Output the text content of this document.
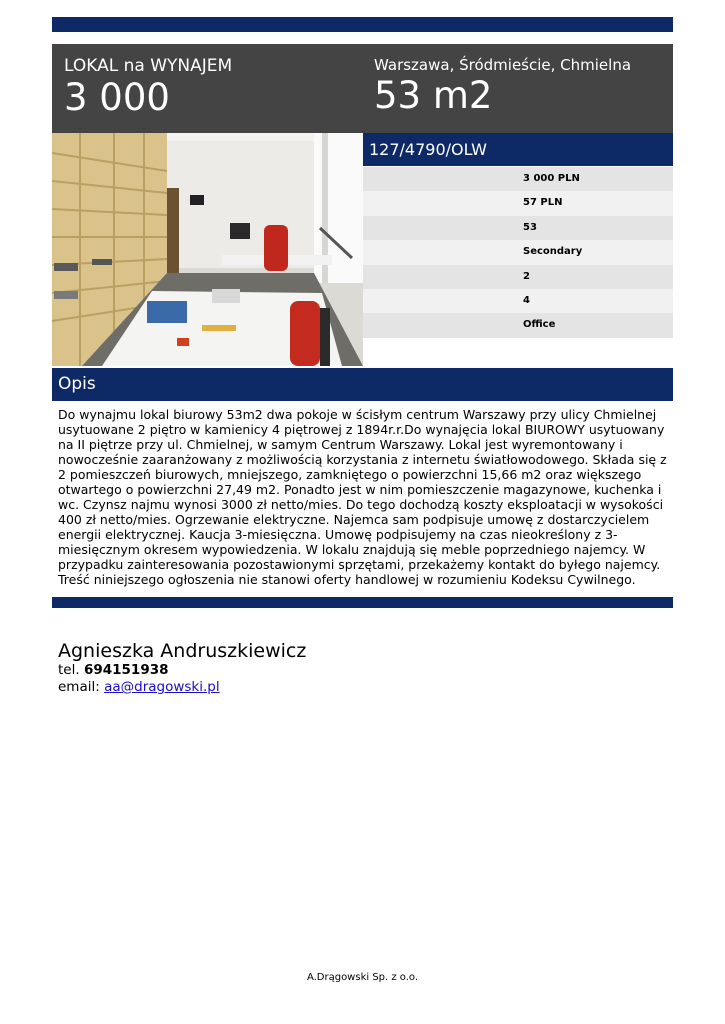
LOKAL na WYNAJEM
3 000
Warszawa, Śródmieście, Chmielna
53 m2
127/4790/OLW
3 000 PLN
57 PLN
53
Secondary
2
4
Office
Opis
Do wynajmu lokal biurowy 53m2 dwa pokoje w ścisłym centrum Warszawy przy ulicy Chmielnej usytuowane 2 piętro w kamienicy 4 piętrowej z 1894r.r.Do wynajęcia lokal BIUROWY usytuowany na II piętrze przy ul. Chmielnej, w samym Centrum Warszawy. Lokal jest wyremontowany i nowocześnie zaaranżowany z możliwością korzystania z internetu światłowodowego. Składa się z 2 pomieszczeń biurowych, mniejszego, zamkniętego o powierzchni 15,66 m2 oraz większego otwartego o powierzchni 27,49 m2. Ponadto jest w nim pomieszczenie magazynowe, kuchenka i wc. Czynsz najmu wynosi 3000 zł netto/mies. Do tego dochodzą koszty eksploatacji w wysokości 400 zł netto/mies. Ogrzewanie elektryczne. Najemca sam podpisuje umowę z dostarczycielem energii elektrycznej. Kaucja 3-miesięczna. Umowę podpisujemy na czas nieokreślony z 3-miesięcznym okresem wypowiedzenia. W lokalu znajdują się meble poprzedniego najemcy. W przypadku zainteresowania pozostawionymi sprzętami, przekażemy kontakt do byłego najemcy. Treść niniejszego ogłoszenia nie stanowi oferty handlowej w rozumieniu Kodeksu Cywilnego.
Agnieszka Andruszkiewicz
tel. 694151938
email: aa@dragowski.pl
A.Drągowski Sp. z o.o.
